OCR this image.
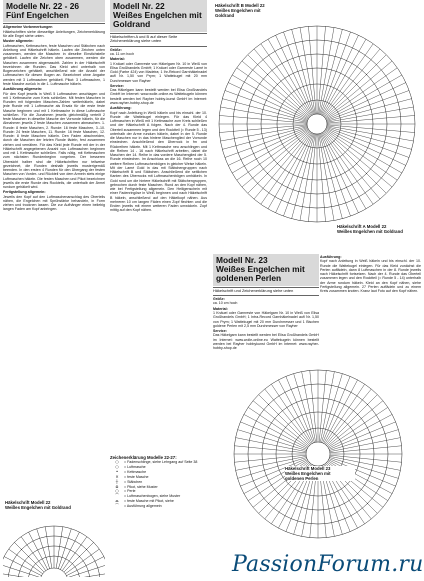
Modelle Nr. 22 - 26
Fünf Engelchen

Allgemeine Vorbemerkungen
Häkelschriften siehe diesseitige Anleitungen, Zeichenerklärung für alle Engel siehe unten.

Muster allgemein:
Luftmaschen, Kettmaschen, feste Maschen und Stäbchen nach Anleitung und Häkelschrift häkeln. Laufen die Zeichen unten zusammen, werden die Maschen in dieselbe Einstichstelle gehäkelt. Laufen die Zeichen oben zusammen, werden die Maschen zusammen abgemaschtt. Zahlen in der Häkelschrift bezeichnen die Runden. Das Kleid wird unterhalb von Bogenzeichen gehäkelt, anschließend wie die Anzahl der Luftmaschen für diesen Bogen an. Bezeichnet ohne Angabe werden mit 3 Luftmaschen gehäkelt. Pikot: 3 Luftmaschen, 1 feste Masche zurück in die 1. Luftmasche häkeln.

Ausführung allgemein:
Für den Kopf jeweils in Weiß 5 Luftmaschen anschlagen und mit 1 Kettmasche zum Kreis schließen. Mit festen Maschen in Runden mit folgenden Maschen-Zahlen weiterhäkeln, dabei jede Runde mit 1 Luftmasche als Ersatz für die erste feste Masche beginnen und mit 1 Kettmasche in diese Luftmasche schließen. Für die Zunahmen jeweils gleichmäßig verteilt 2 feste Maschen in dieselbe Masche der Vorrunde häkeln, für die Abnahmen jeweils 2 feste Maschen zusammen abmaschen. 1. Runde: 8 feste Maschen, 2. Runde: 16 feste Maschen, 3.-10. Runde: 24 feste Maschen, 11. Runde: 16 feste Maschen, 12. Runde: 8 feste Maschen häkeln. Den Faden abschneiden, durch die Maschen der letzten Runde fädeln, fest zusammen ziehen und vernähen. Für das Kleid jede Runde mit der in der Häkelschrift angegebenen Anzahl von Luftmaschen beginnen und mit 1 Kettmasche schließen. Falls nötig, mit Kettmaschen zum nächsten Rundenbeginn vorgehen. Der besseren Übersicht halber sind die Häkelschriften nur teilweise gezeichnet, die Runden deshalb jeweils musterigemäß beenden. In den ersten 4 Runden für den Übergang der festen Maschen von Vorder- und Rückteil von dem Armeln stets einige Luftmaschen häkeln. Die festen Maschen und Pikot bezeichnen jeweils die erste Runde des Rockteils, die unterhalb der Ärmel rundum gehäkelt wird.

Fertigstellung allgemein:
Jeweils den Kopf auf den Luftmaschenanschlag des Oberteils nähen, die Engelchen mit Sprühstärke behandeln, in Form ziehen und trocknen lassen. Die zur Aufhänger einen beliebig langen Faden am Kopf anbringen.

Häkelschrift Modell 22
Weißes Engelchen mit Goldrand
Modell Nr. 22
Weißes Engelchen mit Goldrand
Häkelschriften A und B auf dieser Seite Zeichenerklärung siehe unten

Größe:
ca. 11 cm hoch

Material:
1 Knäuel oder Garnreste von Häkelgarn Nr. 10 in Weiß von Elisa Großhandels GmbH; 1 Knäuel oder Garnreste Lamé in Gold (Farbe 424) von Madeira; 1 Ihr-Rekord Garnhäkelnadel aufl Nr. 1,50 von Prym; 1 Wattekugel mit 20 mm Durchmesser von Rayher

Service:
Das Häkelgarn kann bestellt werden bei Elisa Großhandels GmbH im Internet: www.wolle-online.eu Wattekugeln können bestellt werden bei Rayher hobby-kunst GmbH im Internet: www.rayher-hobby-shop.de

Ausführung:
Kopf nach Anleitung in Weiß häkeln und bis einschl. der 10. Runde die Wattekugel einlegen. Für das Kleid 4 Luftmaschen in Weiß mit 1 Kettmasche zum Kreis schließen und der Häkelschrift A folgen. Nach der 4. Runde das Oberteil zusammen legen und den Rocktteil (= Runde 5 - 13) unterhalb der Arme rundum häkeln, dabei in der 5. Runde die Maschen nur in das hintere Maschenglied der Vorrunde einstechen. Anschließend den Überrock in fm und Rückreihen häkeln. Mit 1 Kettmasche neu anschlingen und die Reihen 14 - 16 nach Häkelschrift arbeiten, dabei die Maschen der 14. Reihe in das vordere Maschenglied der 5. Runde einstechen. Im Anschluss an die 16. Reihe noch 10 weitere Reihen Luftmaschenbögen in gleicher Weise häkeln. Mit der Lamé Gold in das mit Stäbchengruppen nach Häkelschrift B und Stäbchen. Anschließend die seitlichen Kanten des Überrocks mit Luftmaschenbögen umhäkeln. In Gold rund um die hintere Häkelschrift mit Stäbchengruppen, gebrochen durch feste Maschen. Rund an den Kopf nähen, wie bei Fertigstellung allgemein. Den Heiligenschein mit einer Fadenringöse in Weiß beginnen und nach Häkelschrift B häkeln, anschließend auf den Häkelkopf nähen. Aus mehreren 10 cm langen Fäden einen Zopf flechten und die Enden jeweils mit einem weiteren Faden umwickeln. Zopf mittig auf den Kopf nähen.

Zeichenerklärung Modelle 22-27:
○	= Fadenschlinge, siehe Lehrgang auf Seite 38
○	= Luftmasche
•	= Kettmasche
×	= feste Masche
┼	= Stäbchen
ɷ	= Pikot, siehe Muster
○	= Perle
⌒	= Luftmaschenbogen, siehe Muster
⌓	= feste Masche mit Pikot, siehe
⌒	= Ausführung allgemein
Häkelschrift B Modell 22
Weißes Engelchen mit
Goldrand
Häkelschrift A Modell 22
Weißes Engelchen mit Goldrand
Modell Nr. 23
Weißes Engelchen mit
goldenen Perlen
Häkelschrift und Zeichenerklärung siehe unten

Größe:
ca. 10 cm hoch

Material:
1 Knäuel oder Garnreste von Häkelgarn Nr. 10 in Weiß von Elisa Großhandels GmbH; 1 Intra-Record Garnhäkelnadel aufl Nr. 1,50 von Prym; 1 Wattekugel mit 20 mm Durchmesser und 1 Bischen goldene Perlen mit 2,5 mm Durchmesser von Rayher

Service:
Das Häkelgarn kann bestellt werden bei Elisa Großhandels GmbH im Internet: www.wolle-online.eu Wattekugeln können bestellt werden bei Rayher hobbykunst GmbH im Internet: www.rayher-hobby-shop.de

Ausführung:
Kopf nach Anleitung in Weiß häkeln und bis einschl. der 10. Runde die Wattekugel einlegen. Für das Kleid zunächst die Perlen auffädeln, dann 8 Luftmaschen in der 8. Runde jeweils nach Häkelschrift fortsetzen. Nach der 4. Runde das Oberteil zusammen legen und den Rocktteil (= Runde 5 - 14) unterhalb der Arme rundum häkeln. Kleid an den Kopf nähen, siehe Fertigstellung allgemein. 27 Perlen auffädeln und zu einem Kreis zusammen knoten. Kranz laut Foto auf den Kopf nähen.

Häkelschrift Modell 23
Weißes Engelchen mit
goldenen Perlen
PassionForum.ru
